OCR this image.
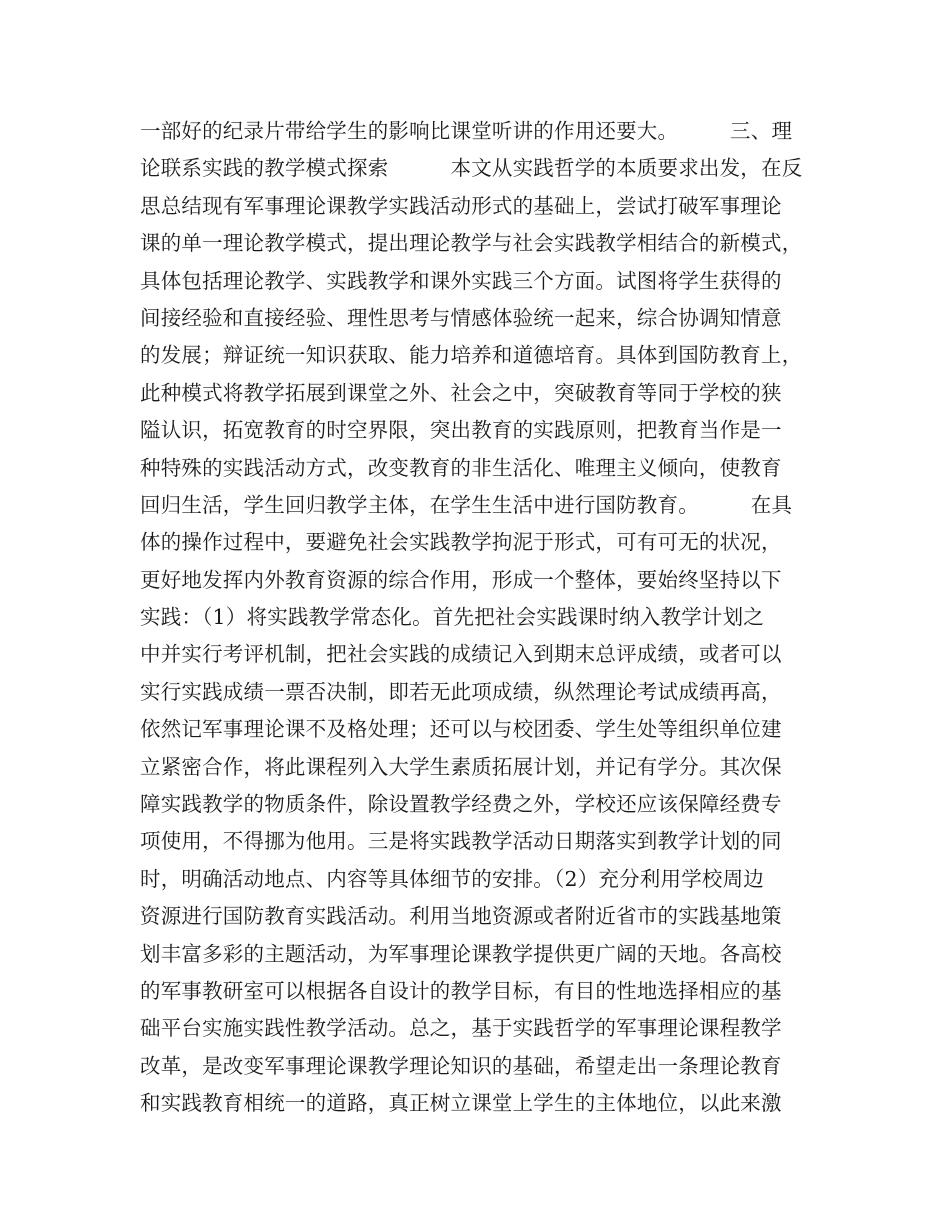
一部好的纪录片带给学生的影响比课堂听讲的作用还要大。　　　三、理
论联系实践的教学模式探索　　　本文从实践哲学的本质要求出发，在反
思总结现有军事理论课教学实践活动形式的基础上，尝试打破军事理论
课的单一理论教学模式，提出理论教学与社会实践教学相结合的新模式，
具体包括理论教学、实践教学和课外实践三个方面。试图将学生获得的
间接经验和直接经验、理性思考与情感体验统一起来，综合协调知情意
的发展；辩证统一知识获取、能力培养和道德培育。具体到国防教育上，
此种模式将教学拓展到课堂之外、社会之中，突破教育等同于学校的狭
隘认识，拓宽教育的时空界限，突出教育的实践原则，把教育当作是一
种特殊的实践活动方式，改变教育的非生活化、唯理主义倾向，使教育
回归生活，学生回归教学主体，在学生生活中进行国防教育。　　　在具
体的操作过程中，要避免社会实践教学拘泥于形式，可有可无的状况，
更好地发挥内外教育资源的综合作用，形成一个整体，要始终坚持以下
实践：（1）将实践教学常态化。首先把社会实践课时纳入教学计划之
中并实行考评机制，把社会实践的成绩记入到期末总评成绩，或者可以
实行实践成绩一票否决制，即若无此项成绩，纵然理论考试成绩再高，
依然记军事理论课不及格处理；还可以与校团委、学生处等组织单位建
立紧密合作，将此课程列入大学生素质拓展计划，并记有学分。其次保
障实践教学的物质条件，除设置教学经费之外，学校还应该保障经费专
项使用，不得挪为他用。三是将实践教学活动日期落实到教学计划的同
时，明确活动地点、内容等具体细节的安排。（2）充分利用学校周边
资源进行国防教育实践活动。利用当地资源或者附近省市的实践基地策
划丰富多彩的主题活动，为军事理论课教学提供更广阔的天地。各高校
的军事教研室可以根据各自设计的教学目标，有目的性地选择相应的基
础平台实施实践性教学活动。总之，基于实践哲学的军事理论课程教学
改革，是改变军事理论课教学理论知识的基础，希望走出一条理论教育
和实践教育相统一的道路，真正树立课堂上学生的主体地位，以此来激
